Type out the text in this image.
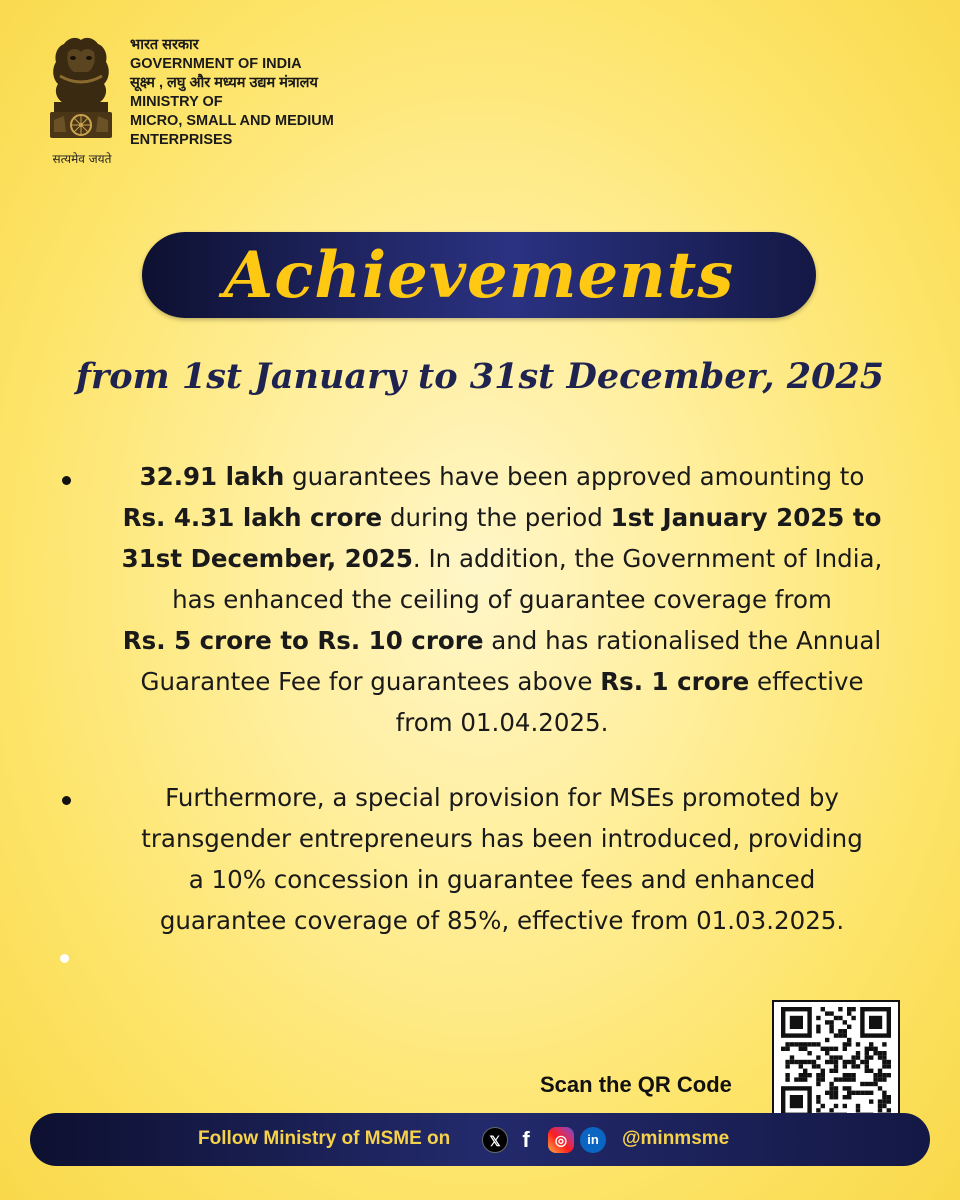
सत्यमेव जयते
भारत सरकार
GOVERNMENT OF INDIA
सूक्ष्म , लघु और मध्यम उद्यम मंत्रालय
MINISTRY OF
MICRO, SMALL AND MEDIUM
ENTERPRISES
Achievements
from 1st January to 31st December, 2025
32.91 lakh guarantees have been approved amounting to
Rs. 4.31 lakh crore during the period 1st January 2025 to
31st December, 2025. In addition, the Government of India,
has enhanced the ceiling of guarantee coverage from
Rs. 5 crore to Rs. 10 crore and has rationalised the Annual
Guarantee Fee for guarantees above Rs. 1 crore effective
from 01.04.2025.
Furthermore, a special provision for MSEs promoted by
transgender entrepreneurs has been introduced, providing
a 10% concession in guarantee fees and enhanced
guarantee coverage of 85%, effective from 01.03.2025.
Scan the QR Code
Follow Ministry of MSME on	𝕏 f	◎	in	@minmsme
